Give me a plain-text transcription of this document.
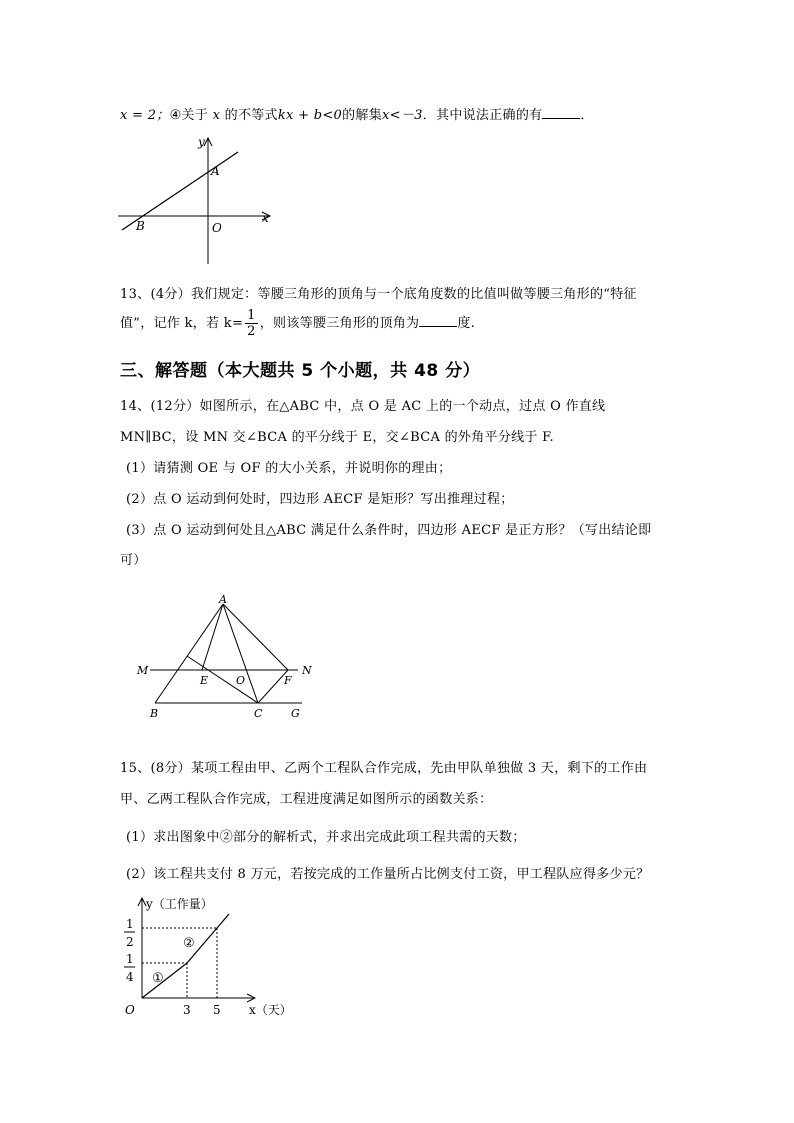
x = 2；④关于 x 的不等式kx + b<0的解集x<－3．其中说法正确的有	．
y
x
A
B	O
13、(4分）我们规定：等腰三角形的顶角与一个底角度数的比值叫做等腰三角形的“特征
值”，记作 k，若 $k= \frac{1}{2}$ ，则该等腰三角形的顶角为	度.
三、解答题（本大题共 5 个小题，共 48 分）
14、(12分）如图所示，在△ABC 中，点 O 是 AC 上的一个动点，过点 O 作直线
MN∥BC，设 MN 交∠BCA 的平分线于 E，交∠BCA 的外角平分线于 F.
(1）请猜测 OE 与 OF 的大小关系，并说明你的理由；
(2）点 O 运动到何处时，四边形 AECF 是矩形？写出推理过程；
(3）点 O 运动到何处且△ABC 满足什么条件时，四边形 AECF 是正方形？（写出结论即
可）
A
M	N
E	O	F
B	C	G
15、(8分）某项工程由甲、乙两个工程队合作完成，先由甲队单独做 3 天，剩下的工作由
甲、乙两工程队合作完成，工程进度满足如图所示的函数关系：
(1）求出图象中②部分的解析式，并求出完成此项工程共需的天数；
(2）该工程共支付 8 万元，若按完成的工作量所占比例支付工资，甲工程队应得多少元？
y（工作量）
x（天）
O
1
2
1
4
3 5
①
②
